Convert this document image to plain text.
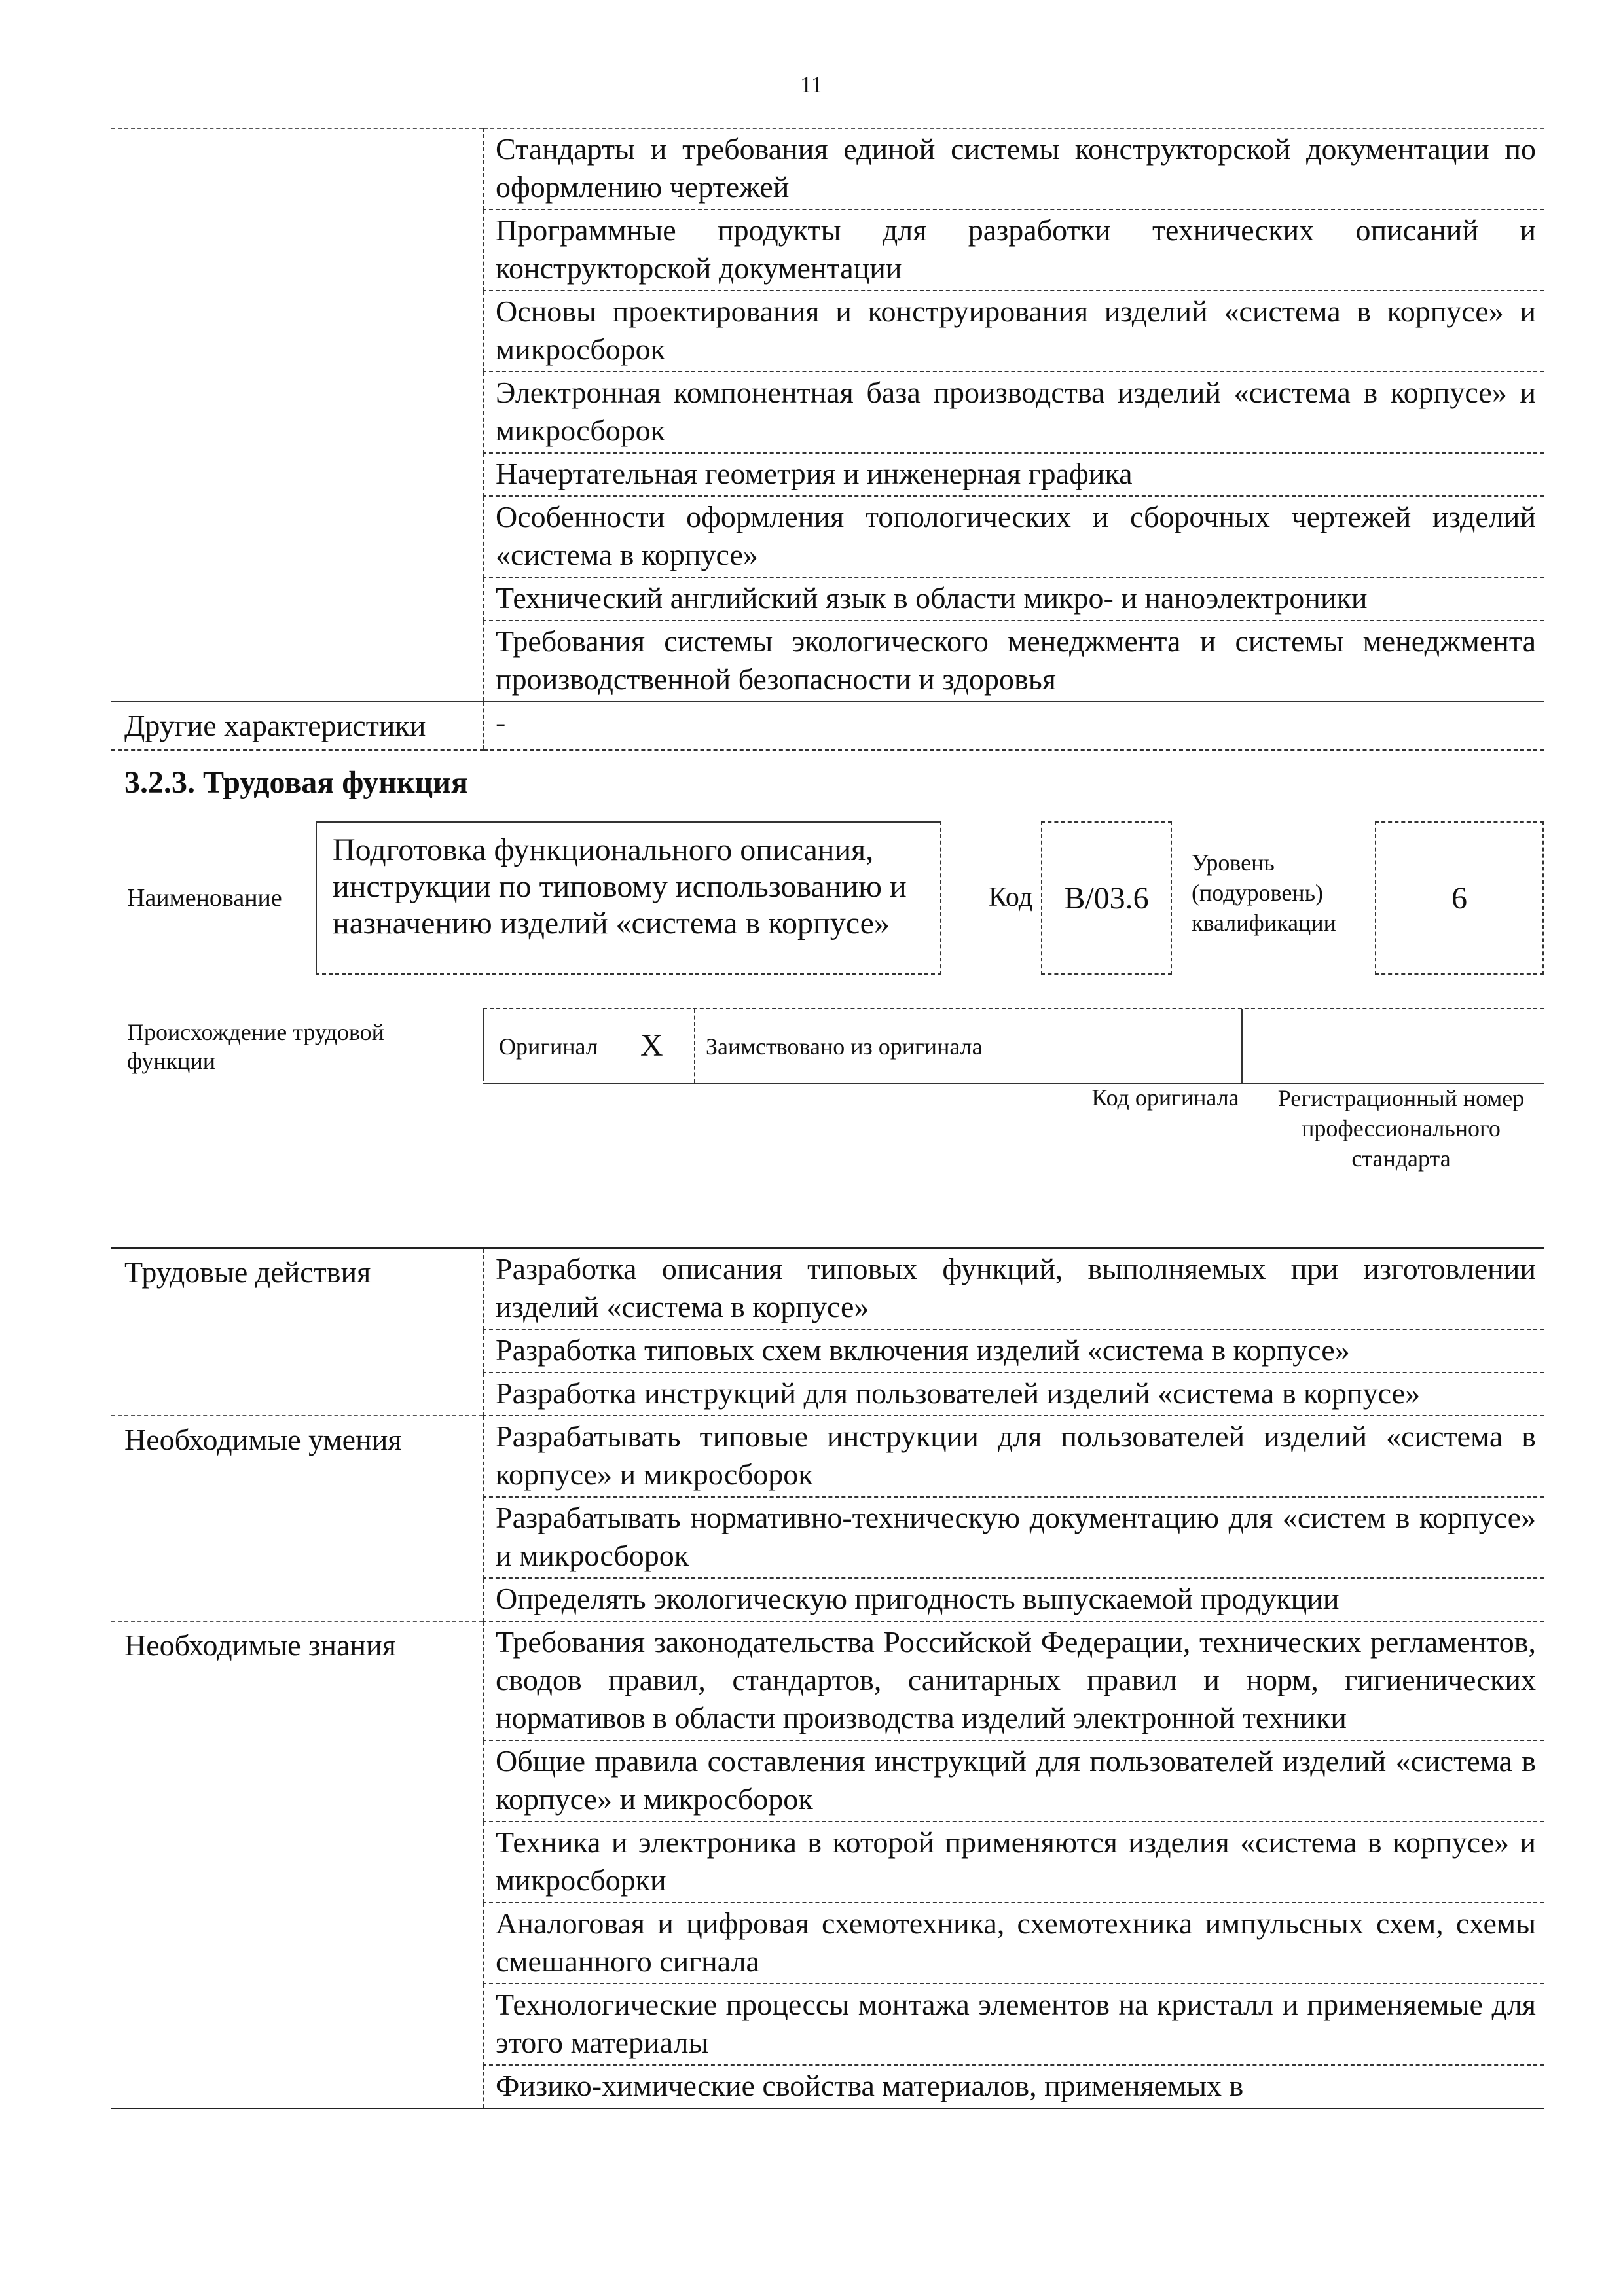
11
	Стандарты и требования единой системы конструкторской документации по оформлению чертежей
	Программные продукты для разработки технических описаний и конструкторской документации
	Основы проектирования и конструирования изделий «система в корпусе» и микросборок
	Электронная компонентная база производства изделий «система в корпусе» и микросборок
	Начертательная геометрия и инженерная графика
	Особенности оформления топологических и сборочных чертежей изделий «система в корпусе»
	Технический английский язык в области микро- и наноэлектроники
	Требования системы экологического менеджмента и системы менеджмента производственной безопасности и здоровья
Другие характеристики	-
3.2.3. Трудовая функция
Наименование
Подготовка функционального описания, инструкции по типовому использованию и назначению изделий «система в корпусе»
Код B/03.6
Уровень (подуровень) квалификации
6
Происхождение трудовой функции
Оригинал X Заимствовано из оригинала
Код оригинала	Регистрационный номер профессионального стандарта
Трудовые действия	Разработка описания типовых функций, выполняемых при изготовлении изделий «система в корпусе»
	Разработка типовых схем включения изделий «система в корпусе»
	Разработка инструкций для пользователей изделий «система в корпусе»
Необходимые умения	Разрабатывать типовые инструкции для пользователей изделий «система в корпусе» и микросборок
	Разрабатывать нормативно-техническую документацию для «систем в корпусе» и микросборок
	Определять экологическую пригодность выпускаемой продукции
Необходимые знания	Требования законодательства Российской Федерации, технических регламентов, сводов правил, стандартов, санитарных правил и норм, гигиенических нормативов в области производства изделий электронной техники
	Общие правила составления инструкций для пользователей изделий «система в корпусе» и микросборок
	Техника и электроника в которой применяются изделия «система в корпусе» и микросборки
	Аналоговая и цифровая схемотехника, схемотехника импульсных схем, схемы смешанного сигнала
	Технологические процессы монтажа элементов на кристалл и применяемые для этого материалы
	Физико-химические свойства материалов, применяемых в
